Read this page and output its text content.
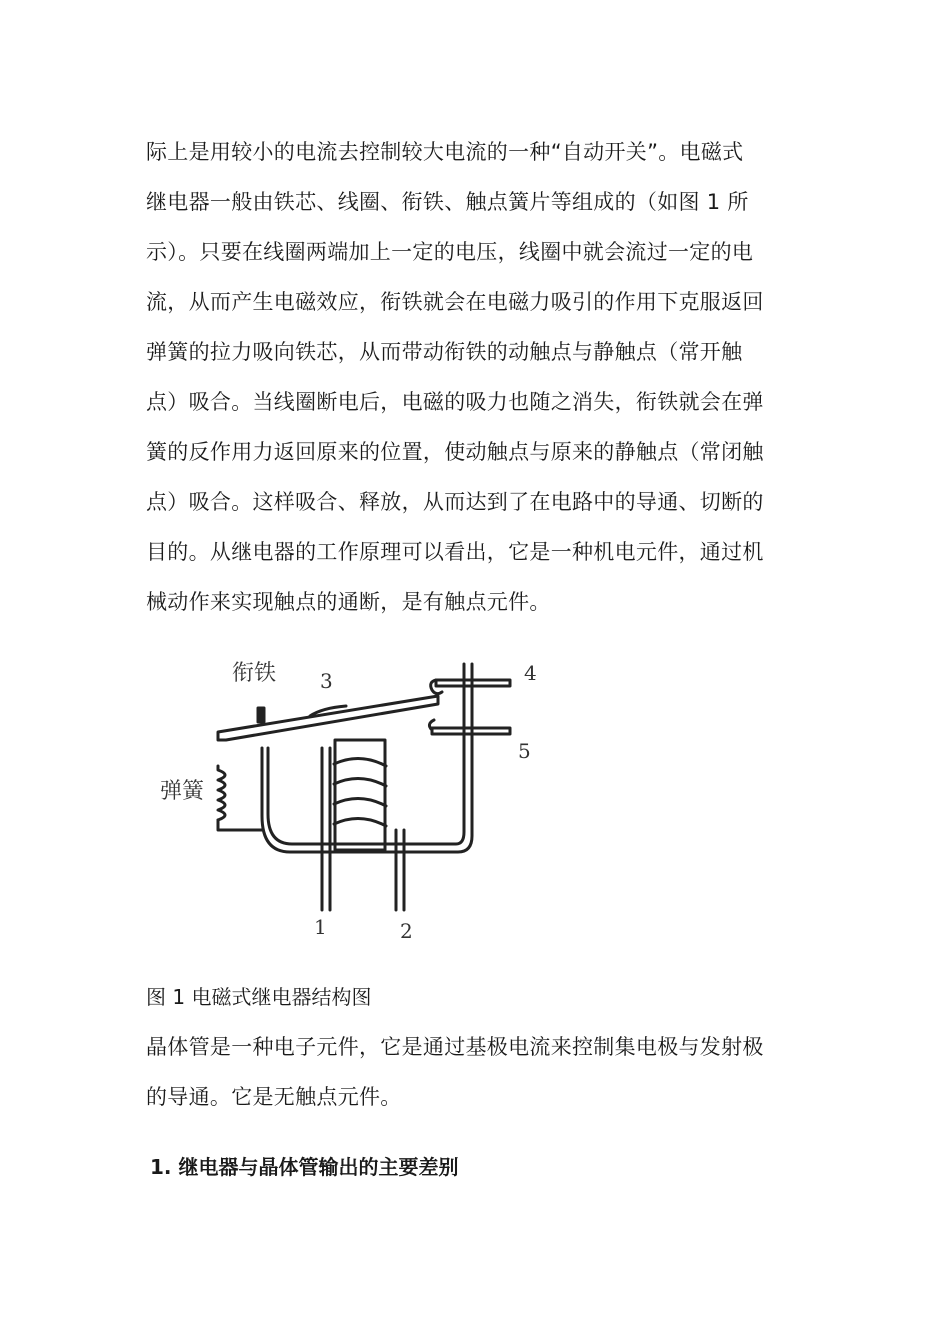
际上是用较小的电流去控制较大电流的一种“自动开关”。电磁式
继电器一般由铁芯、线圈、衔铁、触点簧片等组成的（如图 1 所
示）。只要在线圈两端加上一定的电压，线圈中就会流过一定的电
流，从而产生电磁效应，衔铁就会在电磁力吸引的作用下克服返回
弹簧的拉力吸向铁芯，从而带动衔铁的动触点与静触点（常开触
点）吸合。当线圈断电后，电磁的吸力也随之消失，衔铁就会在弹
簧的反作用力返回原来的位置，使动触点与原来的静触点（常闭触
点）吸合。这样吸合、释放，从而达到了在电路中的导通、切断的
目的。从继电器的工作原理可以看出，它是一种机电元件，通过机
械动作来实现触点的通断，是有触点元件。
衔铁
弹簧
3	4
5
1	2
图 1 电磁式继电器结构图
晶体管是一种电子元件，它是通过基极电流来控制集电极与发射极
的导通。它是无触点元件。
1. 继电器与晶体管输出的主要差别
